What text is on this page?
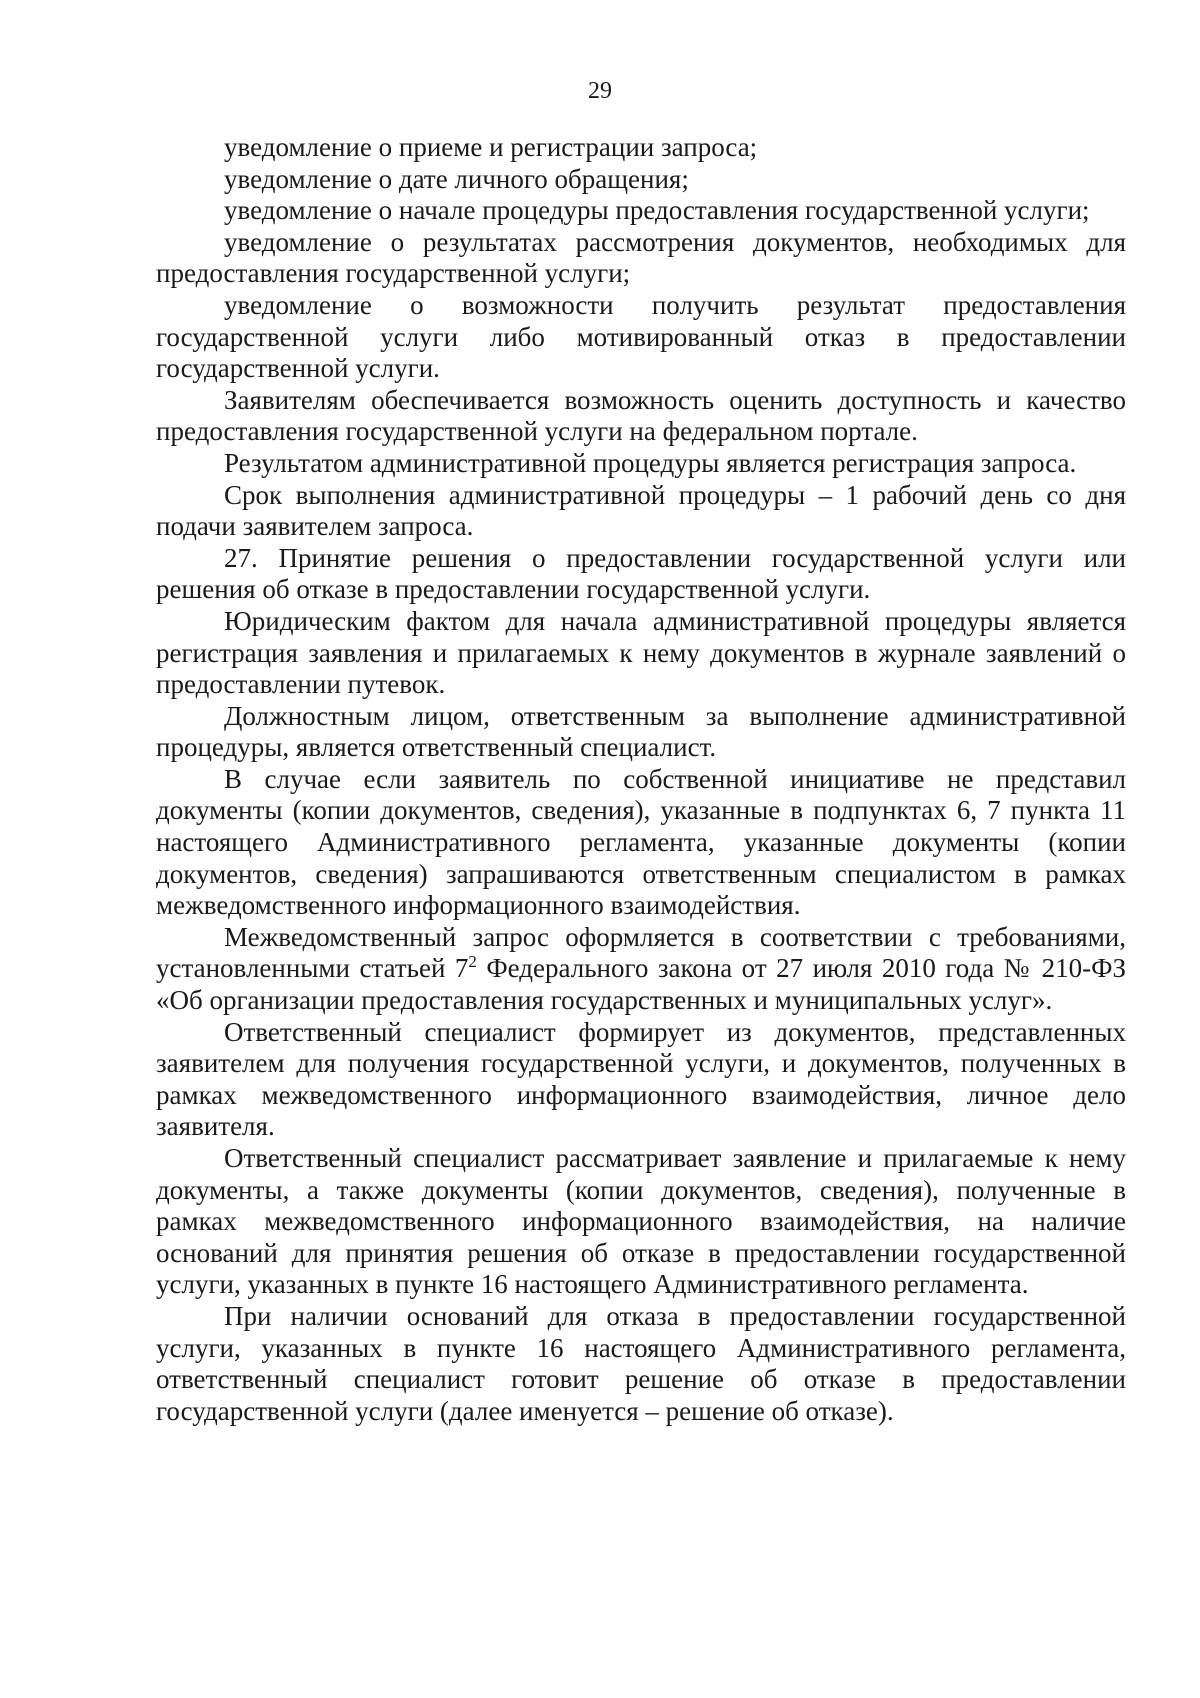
29

уведомление о приеме и регистрации запроса;

уведомление о дате личного обращения;

уведомление о начале процедуры предоставления государственной услуги;

уведомление о результатах рассмотрения документов, необходимых для предоставления государственной услуги;

уведомление о возможности получить результат предоставления государственной услуги либо мотивированный отказ в предоставлении государственной услуги.

Заявителям обеспечивается возможность оценить доступность и качество предоставления государственной услуги на федеральном портале.

Результатом административной процедуры является регистрация запроса.

Срок выполнения административной процедуры – 1 рабочий день со дня подачи заявителем запроса.

27. Принятие решения о предоставлении государственной услуги или решения об отказе в предоставлении государственной услуги.

Юридическим фактом для начала административной процедуры является регистрация заявления и прилагаемых к нему документов в журнале заявлений о предоставлении путевок.

Должностным лицом, ответственным за выполнение административной процедуры, является ответственный специалист.

В случае если заявитель по собственной инициативе не представил документы (копии документов, сведения), указанные в подпунктах 6, 7 пункта 11 настоящего Административного регламента, указанные документы (копии документов, сведения) запрашиваются ответственным специалистом в рамках межведомственного информационного взаимодействия.

Межведомственный запрос оформляется в соответствии с требованиями, установленными статьей $7^2$ Федерального закона от 27 июля 2010 года № 210-ФЗ «Об организации предоставления государственных и муниципальных услуг».

Ответственный специалист формирует из документов, представленных заявителем для получения государственной услуги, и документов, полученных в рамках межведомственного информационного взаимодействия, личное дело заявителя.

Ответственный специалист рассматривает заявление и прилагаемые к нему документы, а также документы (копии документов, сведения), полученные в рамках межведомственного информационного взаимодействия, на наличие оснований для принятия решения об отказе в предоставлении государственной услуги, указанных в пункте 16 настоящего Административного регламента.

При наличии оснований для отказа в предоставлении государственной услуги, указанных в пункте 16 настоящего Административного регламента, ответственный специалист готовит решение об отказе в предоставлении государственной услуги (далее именуется – решение об отказе).
